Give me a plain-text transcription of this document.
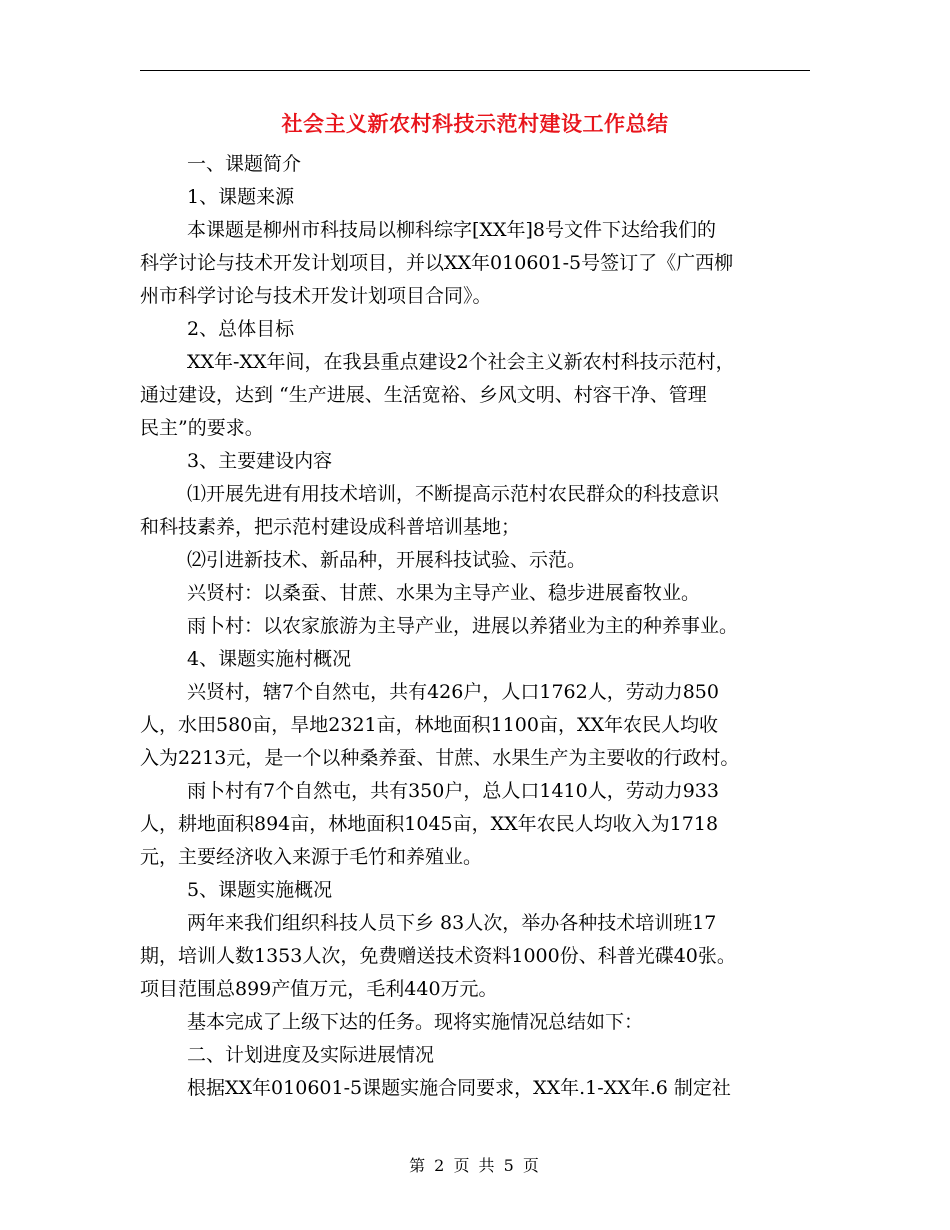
社会主义新农村科技示范村建设工作总结
一、课题简介
1、课题来源
本课题是柳州市科技局以柳科综字[XX年]8号文件下达给我们的
科学讨论与技术开发计划项目，并以XX年010601-5号签订了《广西柳
州市科学讨论与技术开发计划项目合同》。
2、总体目标
XX年-XX年间，在我县重点建设2个社会主义新农村科技示范村，
通过建设，达到 “生产进展、生活宽裕、乡风文明、村容干净、管理
民主”的要求。
3、主要建设内容
⑴开展先进有用技术培训，不断提高示范村农民群众的科技意识
和科技素养，把示范村建设成科普培训基地；
⑵引进新技术、新品种，开展科技试验、示范。
兴贤村：以桑蚕、甘蔗、水果为主导产业、稳步进展畜牧业。
雨卜村：以农家旅游为主导产业，进展以养猪业为主的种养事业。
4、课题实施村概况
兴贤村，辖7个自然屯，共有426户，人口1762人，劳动力850
人，水田580亩，旱地2321亩，林地面积1100亩，XX年农民人均收
入为2213元，是一个以种桑养蚕、甘蔗、水果生产为主要收的行政村。
雨卜村有7个自然屯，共有350户，总人口1410人，劳动力933
人，耕地面积894亩，林地面积1045亩，XX年农民人均收入为1718
元，主要经济收入来源于毛竹和养殖业。
5、课题实施概况
两年来我们组织科技人员下乡 83人次，举办各种技术培训班17
期，培训人数1353人次，免费赠送技术资料1000份、科普光碟40张。
项目范围总899产值万元，毛利440万元。
基本完成了上级下达的任务。现将实施情况总结如下：
二、计划进度及实际进展情况
根据XX年010601-5课题实施合同要求，XX年.1-XX年.6 制定社
第 2 页 共 5 页
